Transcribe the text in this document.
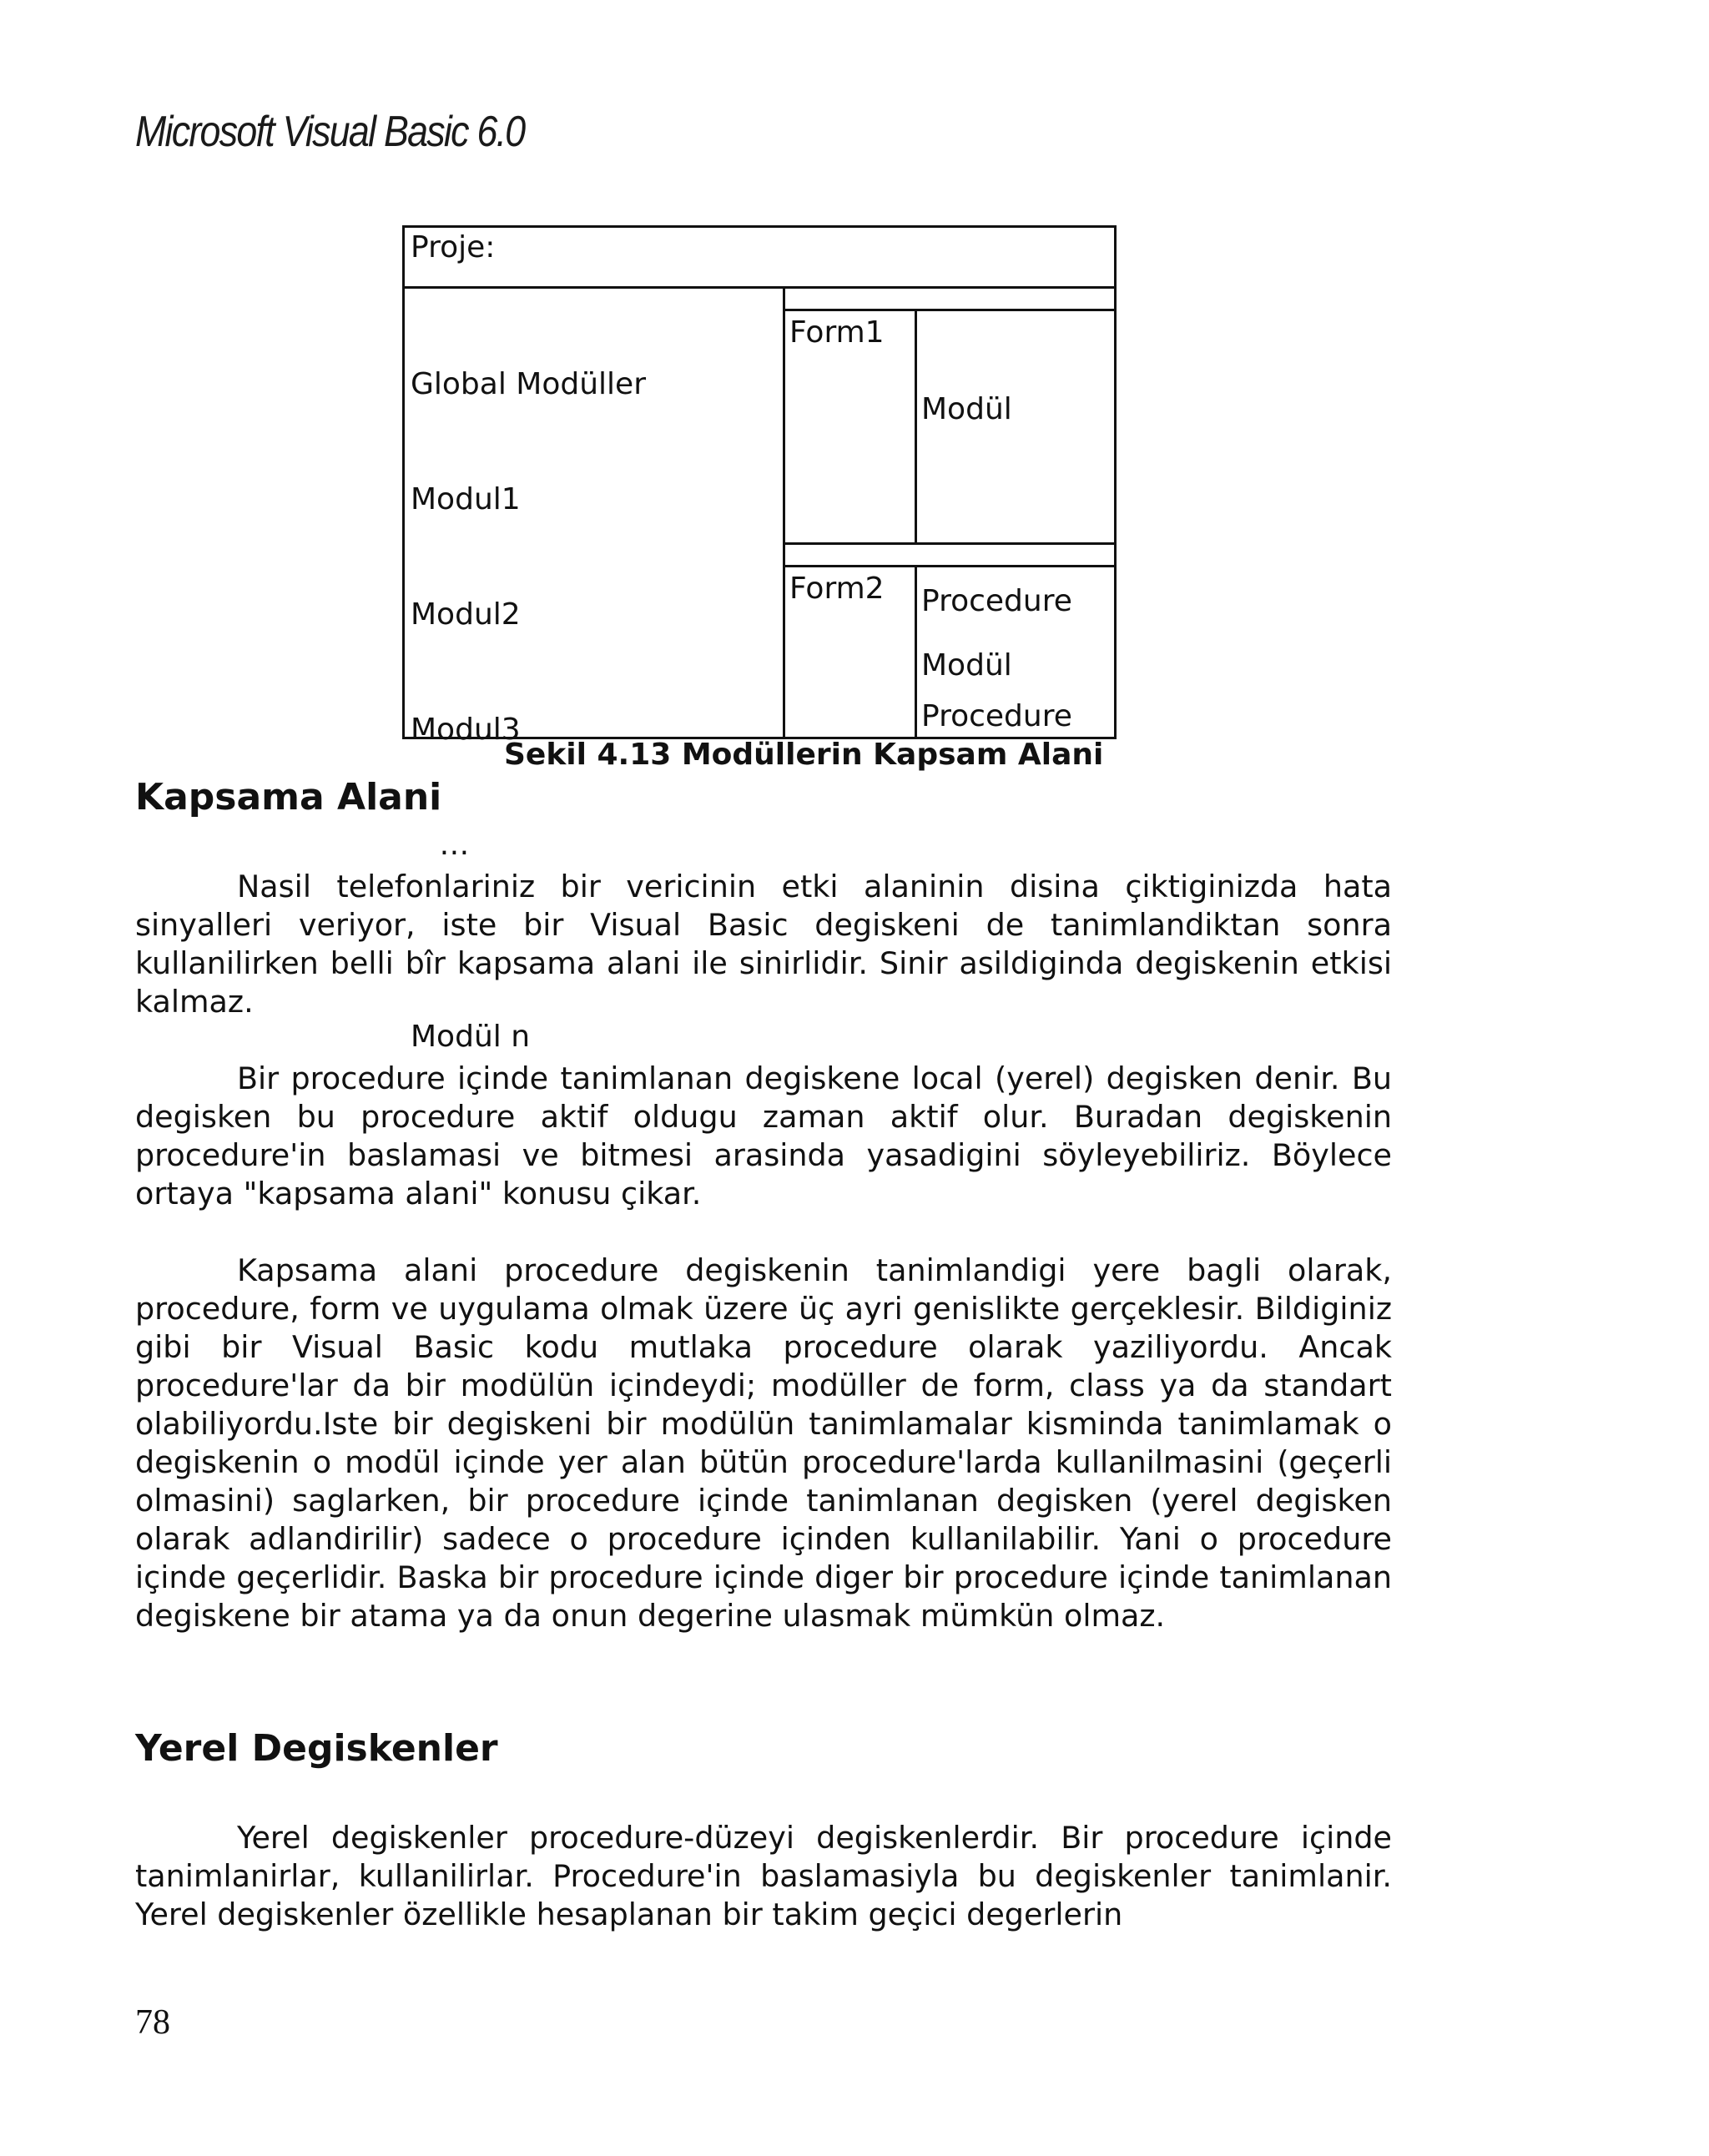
Microsoft Visual Basic 6.0
Proje:

Global Modüller

Modul1

Modul2

Modul3

…

Modül n

Form1

Modül

Procedure

Procedure

Form2

Modül

Sekil 4.13 Modüllerin Kapsam Alani
Kapsama Alani

Nasil telefonlariniz bir vericinin etki alaninin disina çiktiginizda hata sinyalleri veriyor, iste bir Visual Basic degiskeni de tanimlandiktan sonra kullanilirken belli bîr kapsama alani ile sinirlidir. Sinir asildiginda degiskenin etkisi kalmaz.

Bir procedure içinde tanimlanan degiskene local (yerel) degisken denir. Bu degisken bu procedure aktif oldugu zaman aktif olur. Buradan degiskenin procedure'in baslamasi ve bitmesi arasinda yasadigini söyleyebiliriz. Böylece ortaya "kapsama alani" konusu çikar.

Kapsama alani procedure degiskenin tanimlandigi yere bagli olarak, procedure, form ve uygulama olmak üzere üç ayri genislikte gerçeklesir. Bildiginiz gibi bir Visual Basic kodu mutlaka procedure olarak yaziliyordu. Ancak procedure'lar da bir modülün içindeydi; modüller de form, class ya da standart olabiliyordu.Iste bir degiskeni bir modülün tanimlamalar kisminda tanimlamak o degiskenin o modül içinde yer alan bütün procedure'larda kullanilmasini (geçerli olmasini) saglarken, bir procedure içinde tanimlanan degisken (yerel degisken olarak adlandirilir) sadece o procedure içinden kullanilabilir. Yani o procedure içinde geçerlidir. Baska bir procedure içinde diger bir procedure içinde tanimlanan degiskene bir atama ya da onun degerine ulasmak mümkün olmaz.

Yerel Degiskenler

Yerel degiskenler procedure-düzeyi degiskenlerdir. Bir procedure içinde tanimlanirlar, kullanilirlar. Procedure'in baslamasiyla bu degiskenler tanimlanir. Yerel degiskenler özellikle hesaplanan bir takim geçici degerlerin

78
